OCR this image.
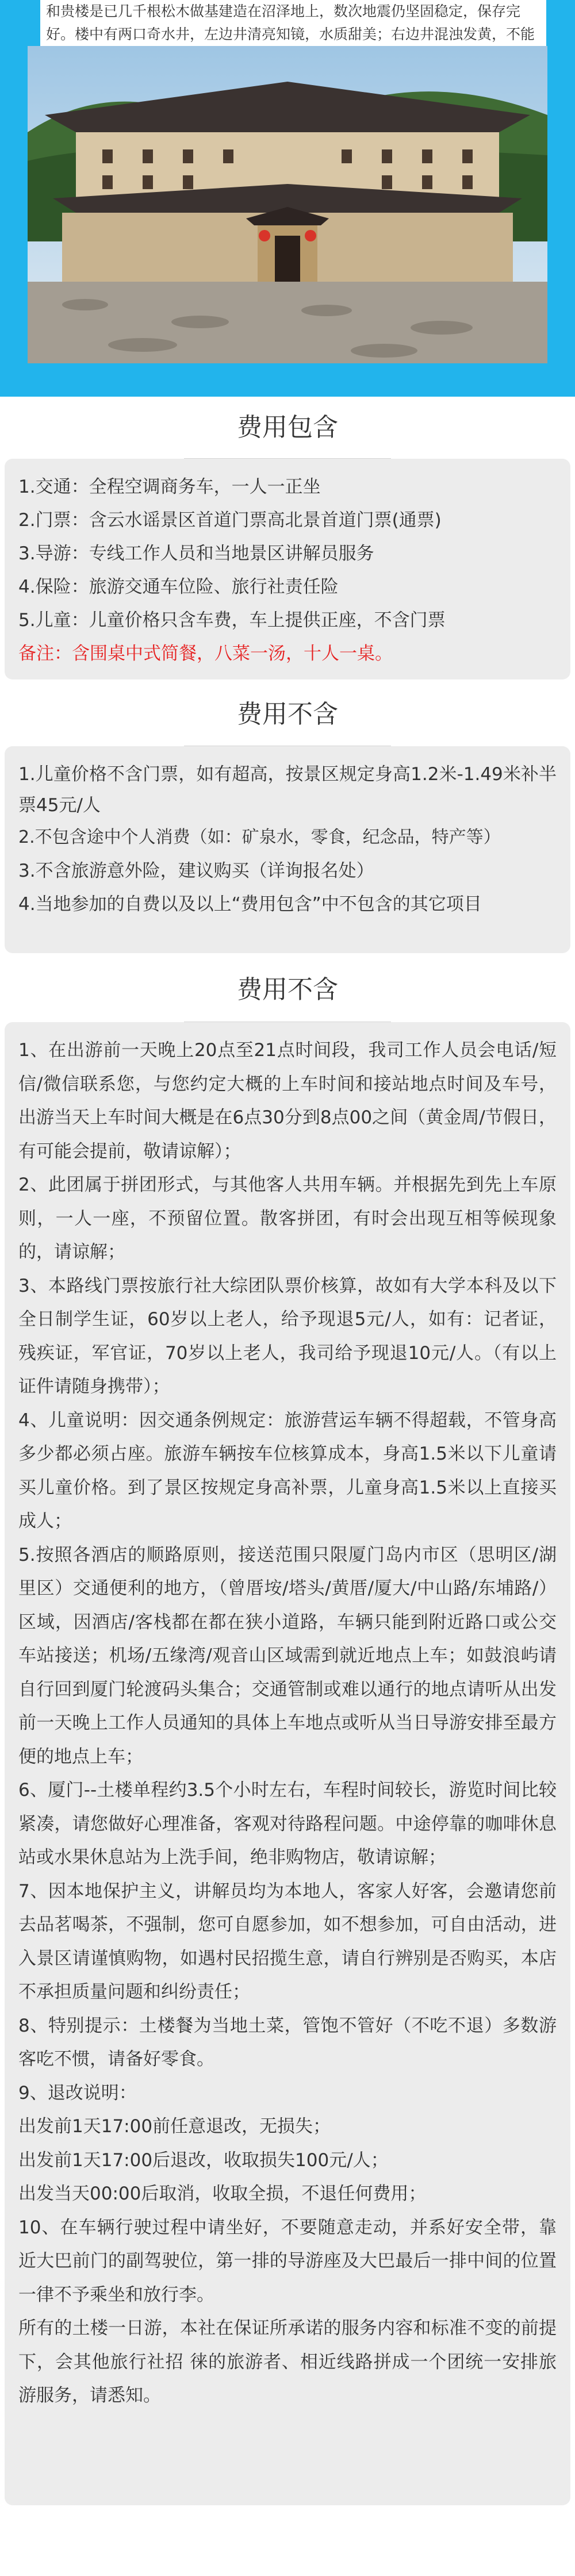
和贵楼是已几千根松木做基建造在沼泽地上，数次地震仍坚固稳定，保存完好。楼中有两口奇水井，左边井清亮知镜，水质甜美；右边井混浊发黄，不能
费用包含
1.交通：全程空调商务车，一人一正坐
2.门票：含云水谣景区首道门票高北景首道门票(通票)
3.导游：专线工作人员和当地景区讲解员服务
4.保险：旅游交通车位险、旅行社责任险
5.儿童：儿童价格只含车费，车上提供正座，不含门票
备注：含围桌中式简餐，八菜一汤，十人一桌。
费用不含
1.儿童价格不含门票，如有超高，按景区规定身高1.2米-1.49米补半票45元/人
2.不包含途中个人消费（如：矿泉水，零食，纪念品，特产等）
3.不含旅游意外险，建议购买（详询报名处）
4.当地参加的自费以及以上“费用包含”中不包含的其它项目
费用不含
1、在出游前一天晚上20点至21点时间段，我司工作人员会电话/短信/微信联系您，与您约定大概的上车时间和接站地点时间及车号，出游当天上车时间大概是在6点30分到8点00之间（黄金周/节假日，有可能会提前，敬请谅解）；
2、此团属于拼团形式，与其他客人共用车辆。并根据先到先上车原则，一人一座，不预留位置。散客拼团，有时会出现互相等候现象的，请谅解；
3、本路线门票按旅行社大综团队票价核算，故如有大学本科及以下全日制学生证，60岁以上老人，给予现退5元/人，如有：记者证，残疾证，军官证，70岁以上老人，我司给予现退10元/人。（有以上证件请随身携带）；
4、儿童说明：因交通条例规定：旅游营运车辆不得超载，不管身高多少都必须占座。旅游车辆按车位核算成本，身高1.5米以下儿童请买儿童价格。到了景区按规定身高补票，儿童身高1.5米以上直接买成人；
5.按照各酒店的顺路原则，接送范围只限厦门岛内市区（思明区/湖里区）交通便利的地方，（曾厝垵/塔头/黄厝/厦大/中山路/东埔路/）区域，因酒店/客栈都在都在狭小道路，车辆只能到附近路口或公交车站接送；机场/五缘湾/观音山区域需到就近地点上车；如鼓浪屿请自行回到厦门轮渡码头集合；交通管制或难以通行的地点请听从出发前一天晚上工作人员通知的具体上车地点或听从当日导游安排至最方便的地点上车；
6、厦门--土楼单程约3.5个小时左右，车程时间较长，游览时间比较紧凑，请您做好心理准备，客观对待路程问题。中途停靠的咖啡休息站或水果休息站为上洗手间，绝非购物店，敬请谅解；
7、因本地保护主义，讲解员均为本地人，客家人好客，会邀请您前去品茗喝茶，不强制，您可自愿参加，如不想参加，可自由活动，进入景区请谨慎购物，如遇村民招揽生意，请自行辨别是否购买，本店不承担质量问题和纠纷责任；
8、特别提示：土楼餐为当地土菜，管饱不管好（不吃不退）多数游客吃不惯，请备好零食。
9、退改说明：
出发前1天17:00前任意退改，无损失；
出发前1天17:00后退改，收取损失100元/人；
出发当天00:00后取消，收取全损，不退任何费用；
10、在车辆行驶过程中请坐好，不要随意走动，并系好安全带，靠近大巴前门的副驾驶位，第一排的导游座及大巴最后一排中间的位置一律不予乘坐和放行李。
所有的土楼一日游，本社在保证所承诺的服务内容和标准不变的前提下，会其他旅行社招 徕的旅游者、相近线路拼成一个团统一安排旅游服务，请悉知。
